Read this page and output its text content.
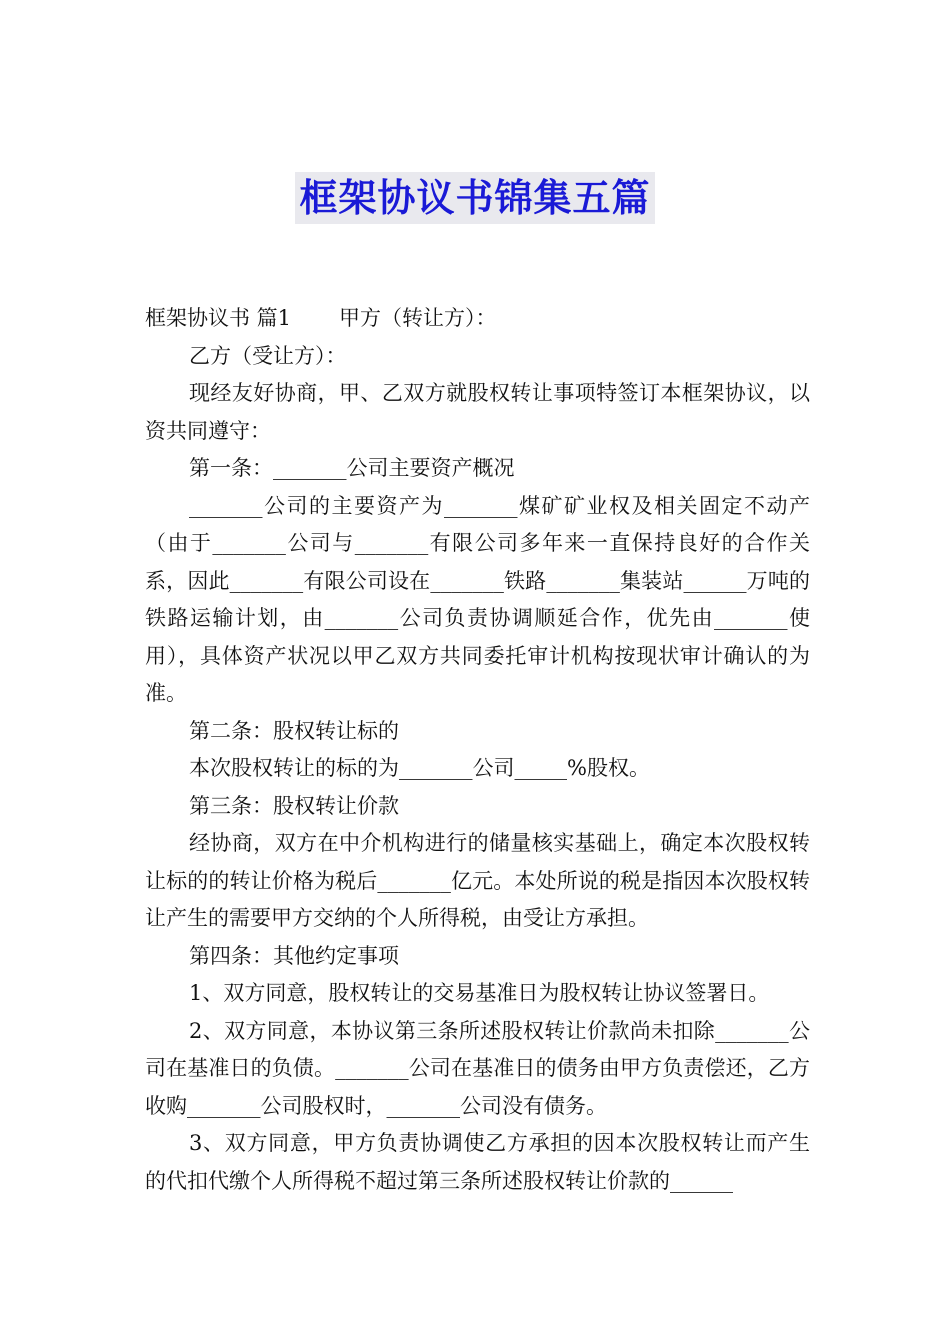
框架协议书锦集五篇

框架协议书 篇1 甲方（转让方）：

乙方（受让方）：

现经友好协商，甲、乙双方就股权转让事项特签订本框架协议，以资共同遵守：

第一条：_______公司主要资产概况

_______公司的主要资产为_______煤矿矿业权及相关固定不动产（由于_______公司与_______有限公司多年来一直保持良好的合作关系，因此_______有限公司设在_______铁路_______集装站______万吨的铁路运输计划，由_______公司负责协调顺延合作，优先由_______使用），具体资产状况以甲乙双方共同委托审计机构按现状审计确认的为准。

第二条：股权转让标的

本次股权转让的标的为_______公司_____%股权。

第三条：股权转让价款

经协商，双方在中介机构进行的储量核实基础上，确定本次股权转让标的的转让价格为税后_______亿元。本处所说的税是指因本次股权转让产生的需要甲方交纳的个人所得税，由受让方承担。

第四条：其他约定事项

1、双方同意，股权转让的交易基准日为股权转让协议签署日。

2、双方同意，本协议第三条所述股权转让价款尚未扣除_______公司在基准日的负债。_______公司在基准日的债务由甲方负责偿还，乙方收购_______公司股权时，_______公司没有债务。

3、双方同意，甲方负责协调使乙方承担的因本次股权转让而产生的代扣代缴个人所得税不超过第三条所述股权转让价款的______
